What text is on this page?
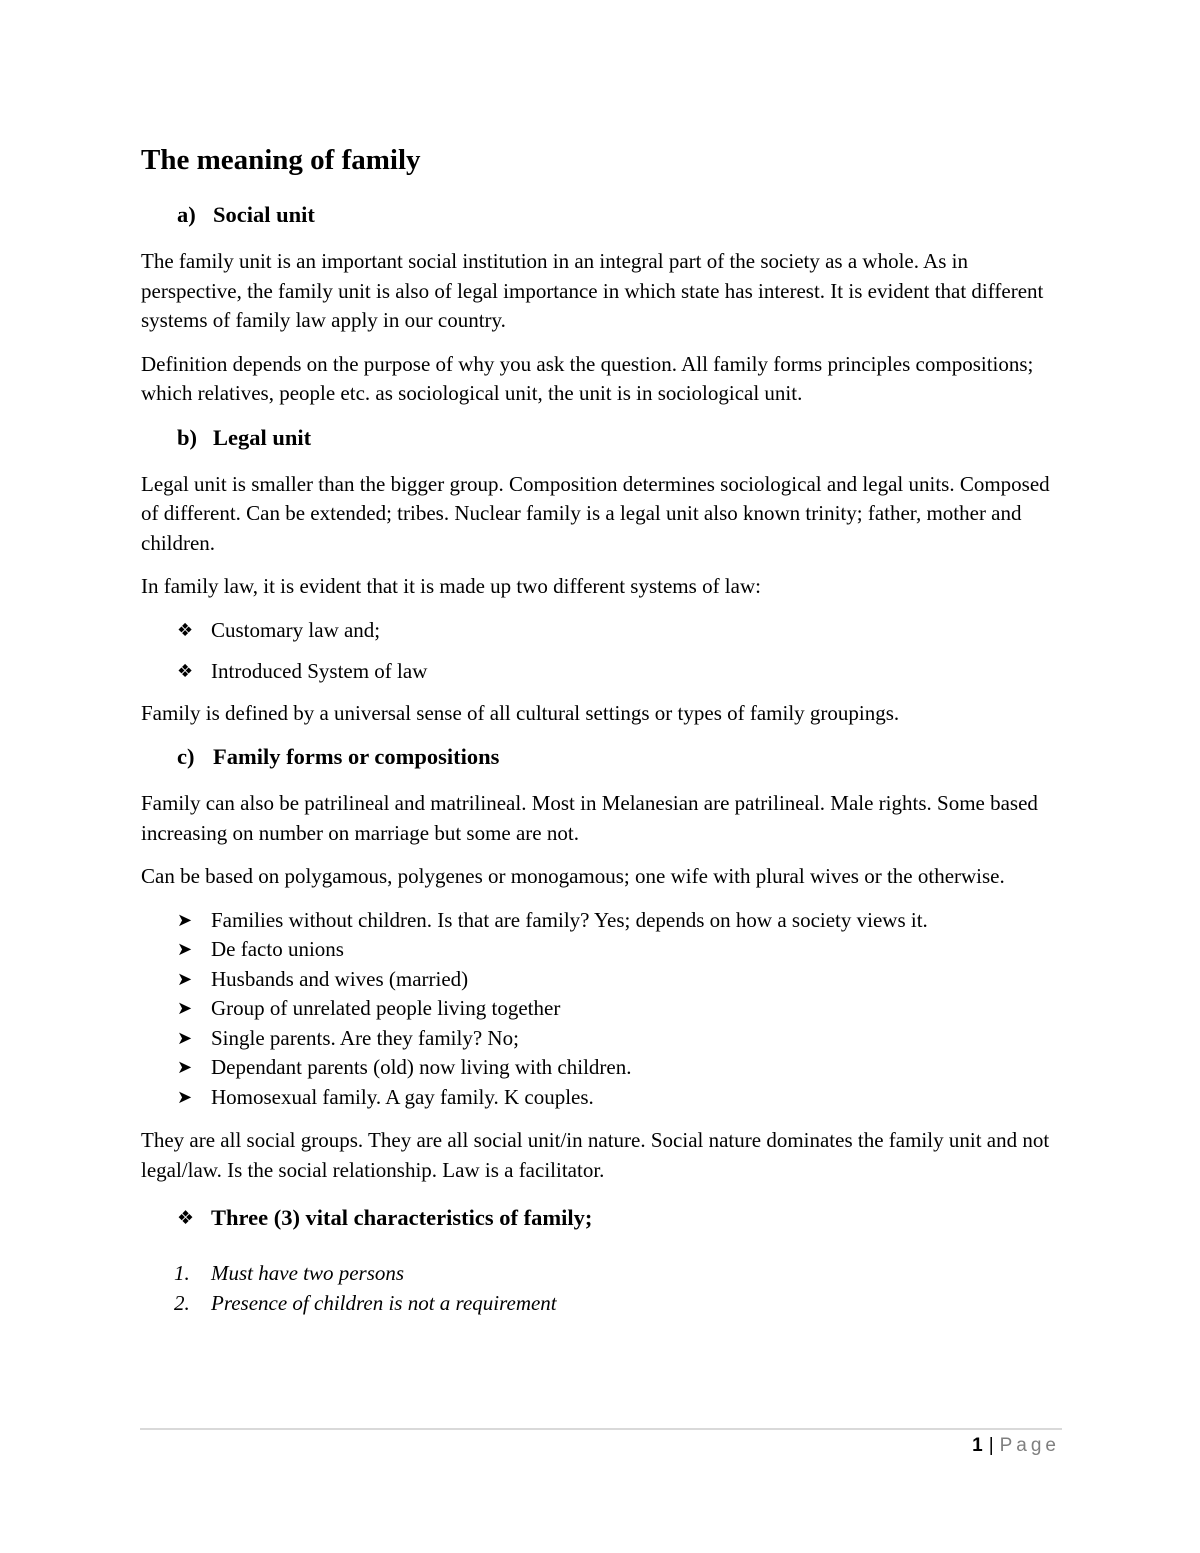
The meaning of family
a) Social unit

The family unit is an important social institution in an integral part of the society as a whole. As in perspective, the family unit is also of legal importance in which state has interest. It is evident that different systems of family law apply in our country.

Definition depends on the purpose of why you ask the question. All family forms principles compositions; which relatives, people etc. as sociological unit, the unit is in sociological unit.

b) Legal unit

Legal unit is smaller than the bigger group. Composition determines sociological and legal units. Composed of different. Can be extended; tribes. Nuclear family is a legal unit also known trinity; father, mother and children.

In family law, it is evident that it is made up two different systems of law:

❖ Customary law and;
❖ Introduced System of law

Family is defined by a universal sense of all cultural settings or types of family groupings.

c) Family forms or compositions

Family can also be patrilineal and matrilineal. Most in Melanesian are patrilineal. Male rights. Some based increasing on number on marriage but some are not.

Can be based on polygamous, polygenes or monogamous; one wife with plural wives or the otherwise.

➤ Families without children. Is that are family? Yes; depends on how a society views it.
➤ De facto unions
➤ Husbands and wives (married)
➤ Group of unrelated people living together
➤ Single parents. Are they family? No;
➤ Dependant parents (old) now living with children.
➤ Homosexual family. A gay family. K couples.

They are all social groups. They are all social unit/in nature. Social nature dominates the family unit and not legal/law. Is the social relationship. Law is a facilitator.

❖ Three (3) vital characteristics of family;
1.	Must have two persons
2.	Presence of children is not a requirement
1 | Page
